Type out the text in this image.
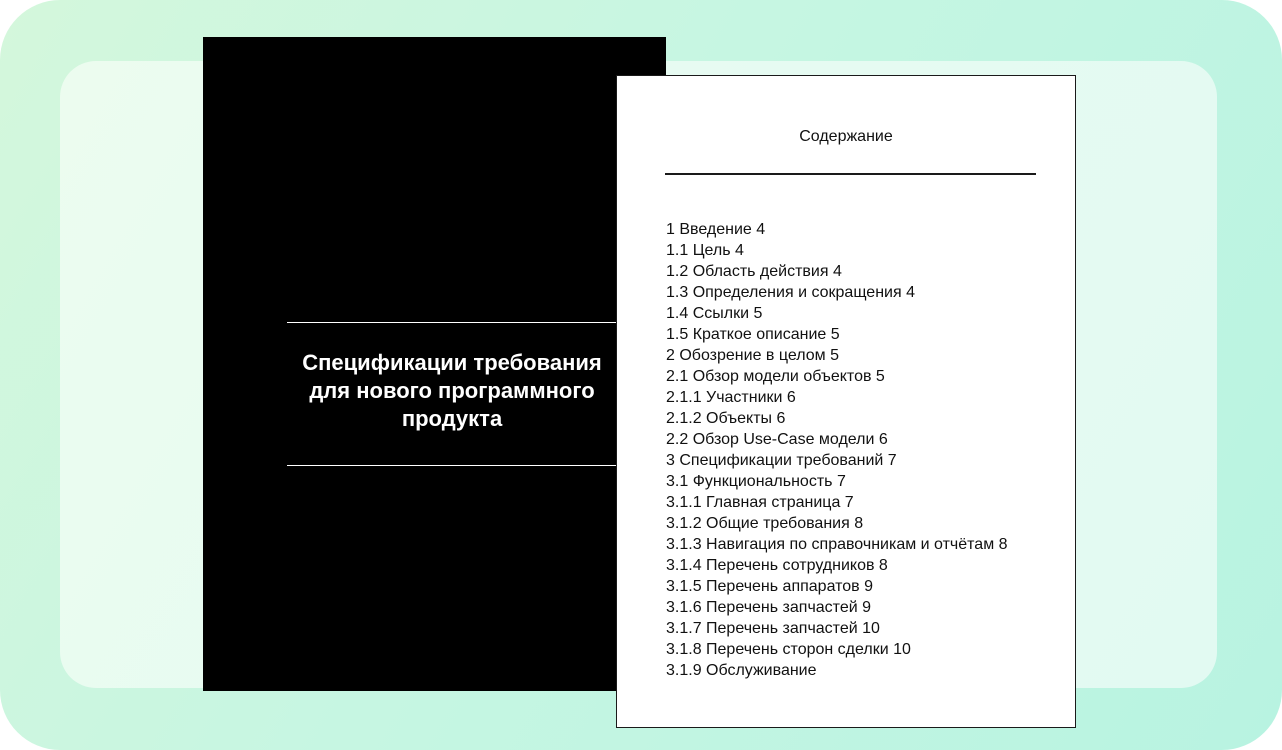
Спецификации требования
для нового программного
продукта
Содержание
1 Введение 4
1.1 Цель 4
1.2 Область действия 4
1.3 Определения и сокращения 4
1.4 Ссылки 5
1.5 Краткое описание 5
2 Обозрение в целом 5
2.1 Обзор модели объектов 5
2.1.1 Участники 6
2.1.2 Объекты 6
2.2 Обзор Use-Case модели 6
3 Спецификации требований 7
3.1 Функциональность 7
3.1.1 Главная страница 7
3.1.2 Общие требования 8
3.1.3 Навигация по справочникам и отчётам 8
3.1.4 Перечень сотрудников 8
3.1.5 Перечень аппаратов 9
3.1.6 Перечень запчастей 9
3.1.7 Перечень запчастей 10
3.1.8 Перечень сторон сделки 10
3.1.9 Обслуживание
